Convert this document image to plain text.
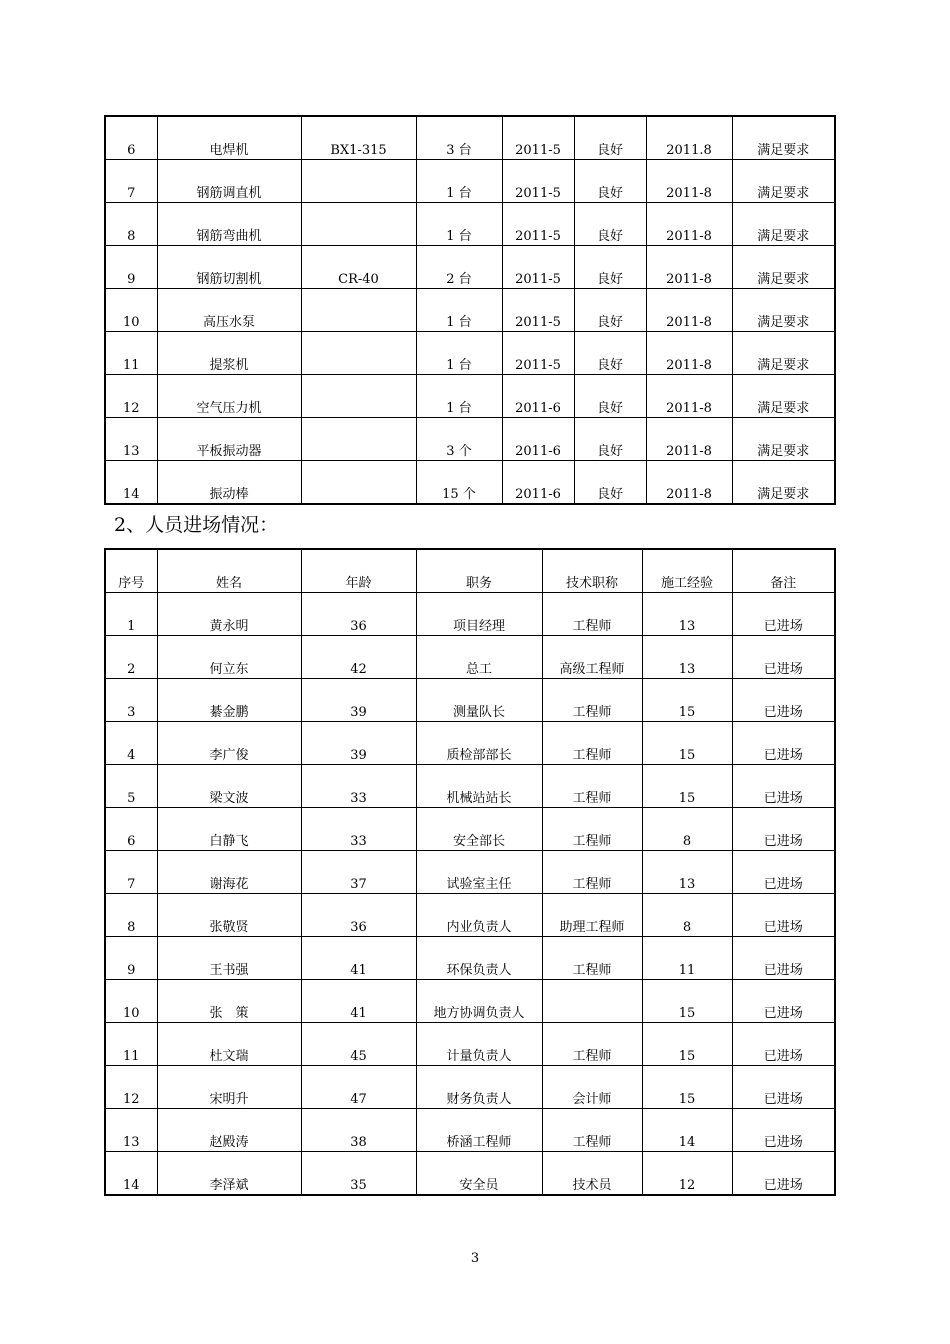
6	电焊机	BX1-315	3 台	2011-5	良好	2011.8	满足要求
7	钢筋调直机		1 台	2011-5	良好	2011-8	满足要求
8	钢筋弯曲机		1 台	2011-5	良好	2011-8	满足要求
9	钢筋切割机	CR-40	2 台	2011-5	良好	2011-8	满足要求
10	高压水泵		1 台	2011-5	良好	2011-8	满足要求
11	提浆机		1 台	2011-5	良好	2011-8	满足要求
12	空气压力机		1 台	2011-6	良好	2011-8	满足要求
13	平板振动器		3 个	2011-6	良好	2011-8	满足要求
14	振动棒		15 个	2011-6	良好	2011-8	满足要求
2、人员进场情况：
序号	姓名	年龄	职务	技术职称	施工经验	备注
1	黄永明	36	项目经理	工程师	13	已进场
2	何立东	42	总工	高级工程师	13	已进场
3	綦金鹏	39	测量队长	工程师	15	已进场
4	李广俊	39	质检部部长	工程师	15	已进场
5	梁文波	33	机械站站长	工程师	15	已进场
6	白静飞	33	安全部长	工程师	8	已进场
7	谢海花	37	试验室主任	工程师	13	已进场
8	张敬贤	36	内业负责人	助理工程师	8	已进场
9	王书强	41	环保负责人	工程师	11	已进场
10	张　策	41	地方协调负责人		15	已进场
11	杜文瑞	45	计量负责人	工程师	15	已进场
12	宋明升	47	财务负责人	会计师	15	已进场
13	赵殿涛	38	桥涵工程师	工程师	14	已进场
14	李泽斌	35	安全员	技术员	12	已进场
3
